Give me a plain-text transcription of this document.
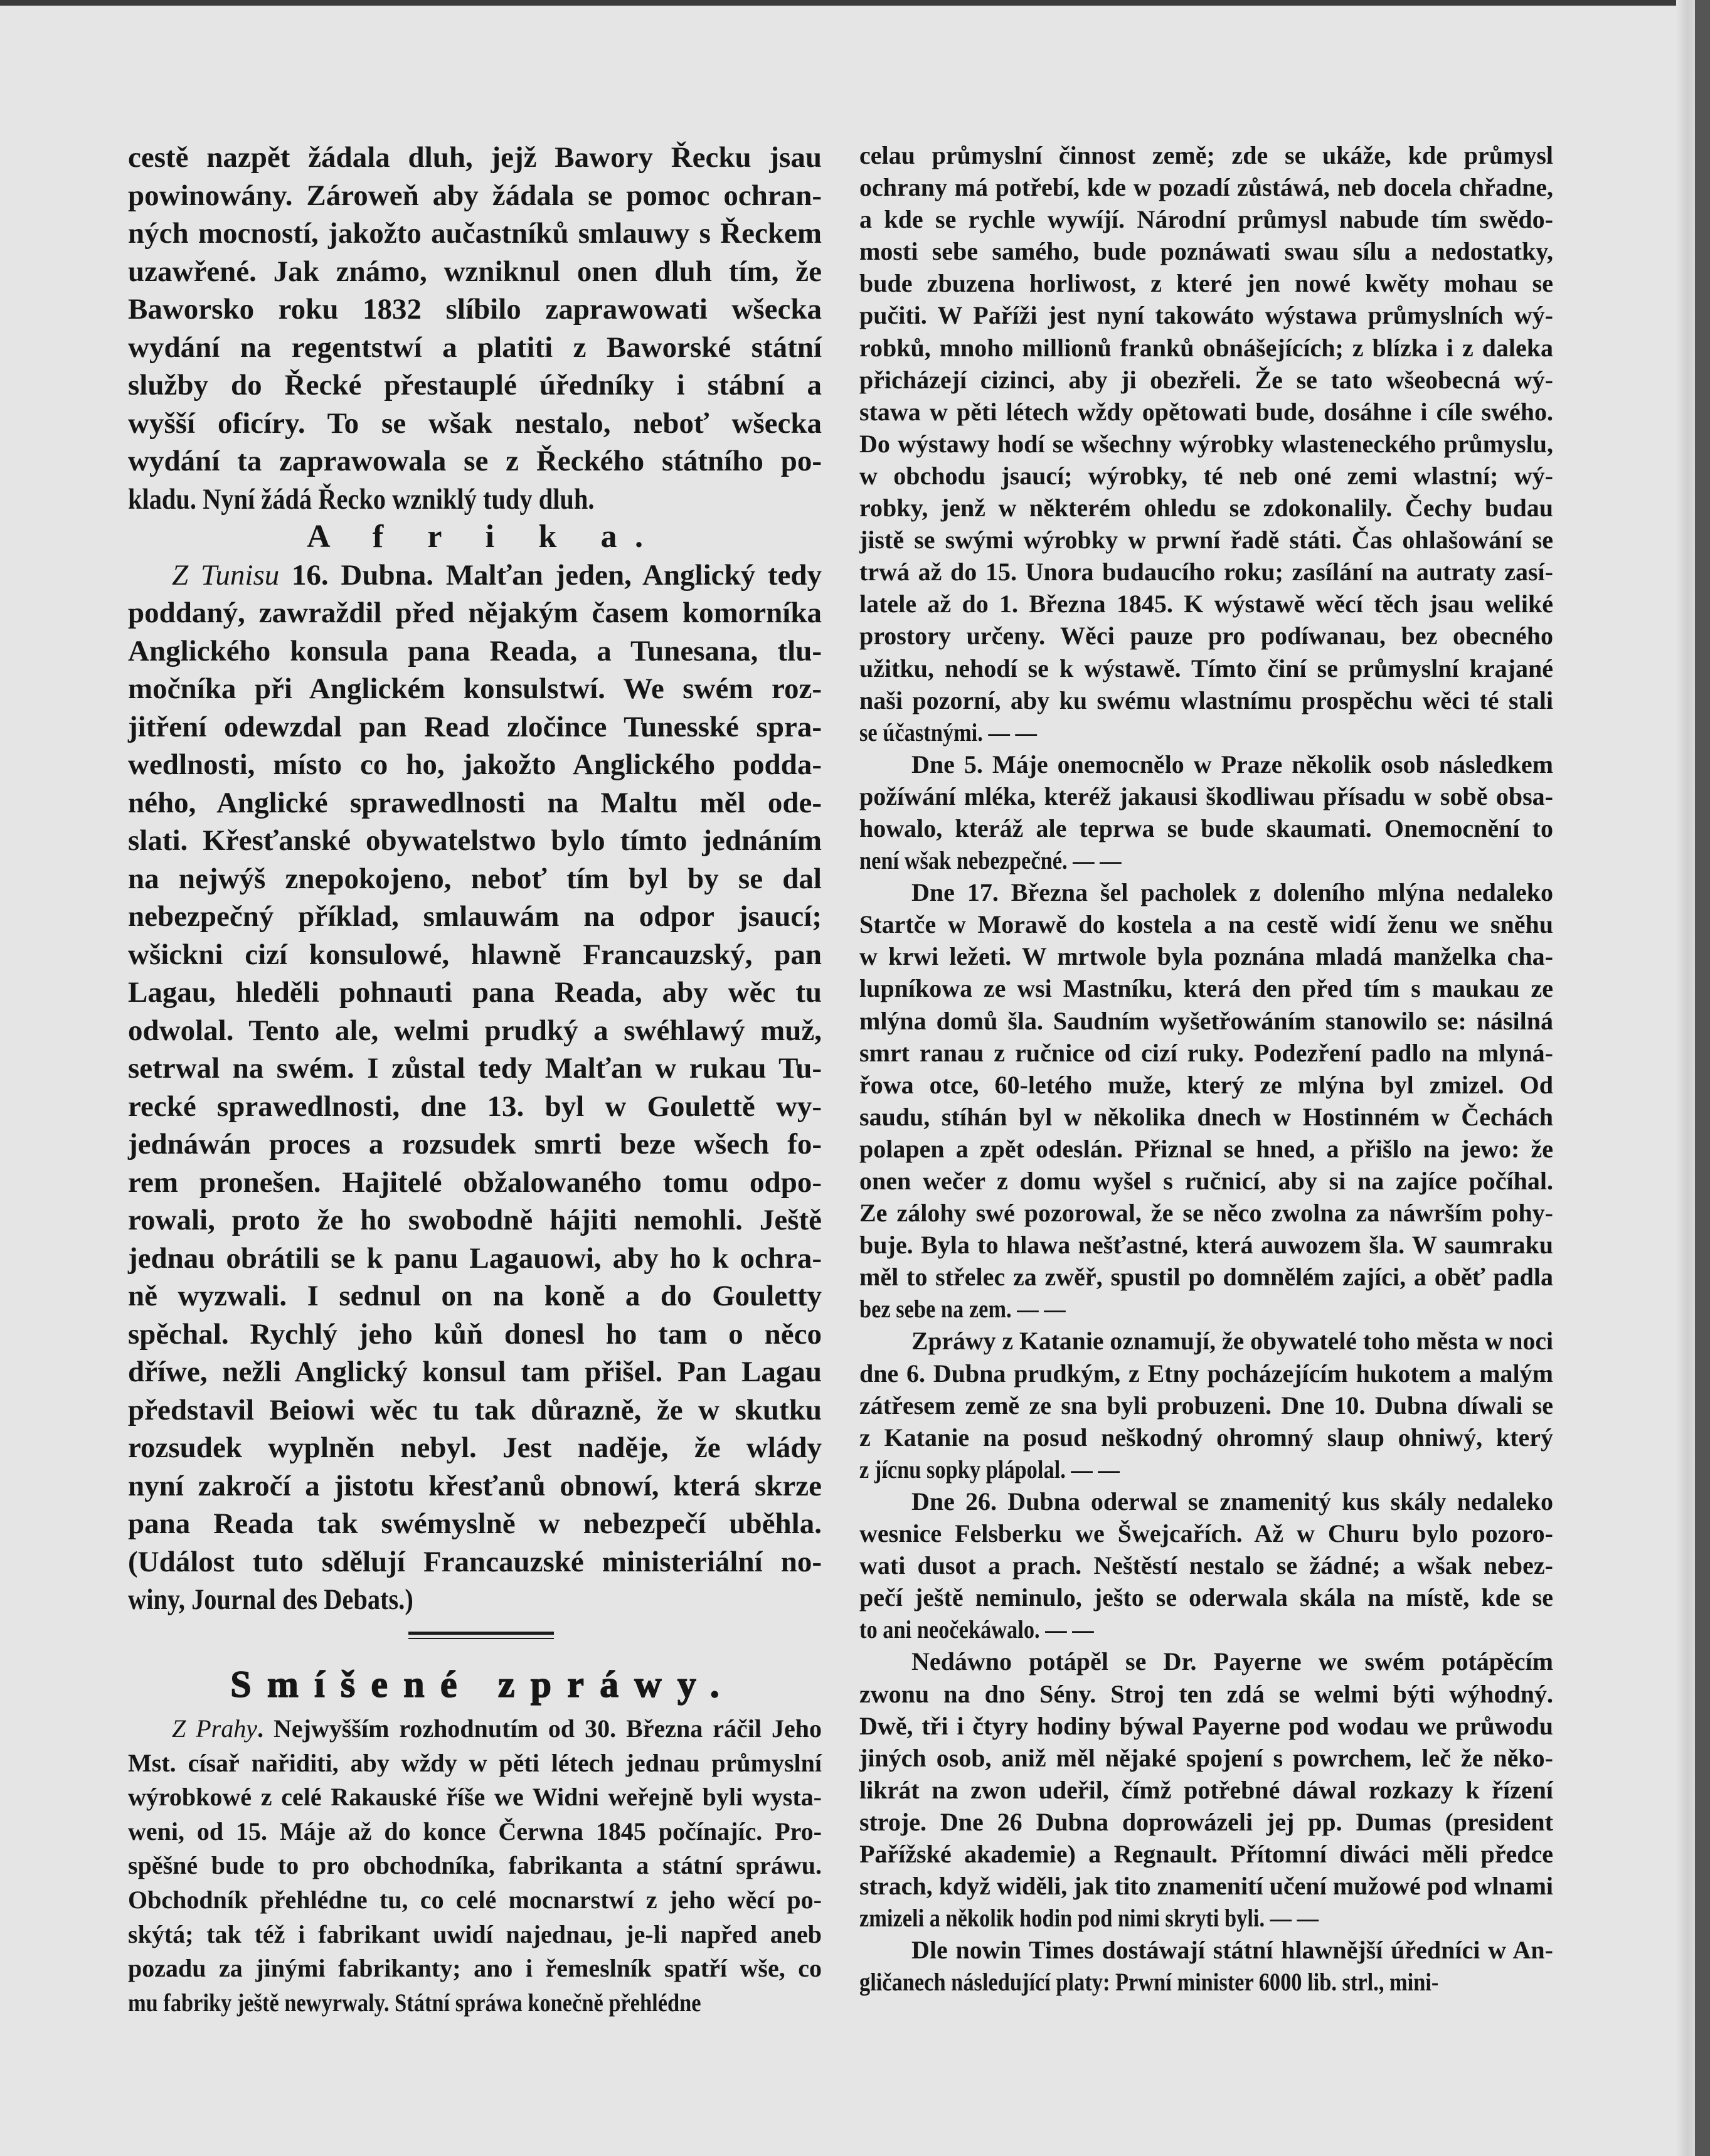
cestě nazpět žádala dluh, jejž Bawory Řecku jsau
powinowány. Zároweň aby žádala se pomoc ochran-
ných mocností, jakožto aučastníků smlauwy s Řeckem
uzawřené. Jak známo, wzniknul onen dluh tím, že
Baworsko roku 1832 slíbilo zaprawowati wšecka
wydání na regentstwí a platiti z Baworské státní
služby do Řecké přestauplé úředníky i stábní a
wyšší oficíry. To se wšak nestalo, neboť wšecka
wydání ta zaprawowala se z Řeckého státního po-
kladu. Nyní žádá Řecko wzniklý tudy dluh.
A f r i k a.
Z Tunisu 16. Dubna. Malťan jeden, Anglický tedy
poddaný, zawraždil před nějakým časem komorníka
Anglického konsula pana Reada, a Tunesana, tlu-
močníka při Anglickém konsulstwí. We swém roz-
jitření odewzdal pan Read zločince Tunesské spra-
wedlnosti, místo co ho, jakožto Anglického podda-
ného, Anglické sprawedlnosti na Maltu měl ode-
slati. Křesťanské obywatelstwo bylo tímto jednáním
na nejwýš znepokojeno, neboť tím byl by se dal
nebezpečný příklad, smlauwám na odpor jsaucí;
wšickni cizí konsulowé, hlawně Francauzský, pan
Lagau, hleděli pohnauti pana Reada, aby wěc tu
odwolal. Tento ale, welmi prudký a swéhlawý muž,
setrwal na swém. I zůstal tedy Malťan w rukau Tu-
recké sprawedlnosti, dne 13. byl w Goulettě wy-
jednáwán proces a rozsudek smrti beze wšech fo-
rem pronešen. Hajitelé obžalowaného tomu odpo-
rowali, proto že ho swobodně hájiti nemohli. Ještě
jednau obrátili se k panu Lagauowi, aby ho k ochra-
ně wyzwali. I sednul on na koně a do Gouletty
spěchal. Rychlý jeho kůň donesl ho tam o něco
dříwe, nežli Anglický konsul tam přišel. Pan Lagau
představil Beiowi wěc tu tak důrazně, že w skutku
rozsudek wyplněn nebyl. Jest naděje, že wlády
nyní zakročí a jistotu křesťanů obnowí, která skrze
pana Reada tak swémyslně w nebezpečí uběhla.
(Událost tuto sdělují Francauzské ministeriální no-
winy, Journal des Debats.)
Smíšené zpráwy.
Z Prahy. Nejwyšším rozhodnutím od 30. Března ráčil Jeho
Mst. císař nařiditi, aby wždy w pěti létech jednau průmyslní
wýrobkowé z celé Rakauské říše we Widni weřejně byli wysta-
weni, od 15. Máje až do konce Čerwna 1845 počínajíc. Pro-
spěšné bude to pro obchodníka, fabrikanta a státní spráwu.
Obchodník přehlédne tu, co celé mocnarstwí z jeho wěcí po-
skýtá; tak též i fabrikant uwidí najednau, je-li napřed aneb
pozadu za jinými fabrikanty; ano i řemeslník spatří wše, co
mu fabriky ještě newyrwaly. Státní spráwa konečně přehlédne
celau průmyslní činnost země; zde se ukáže, kde průmysl
ochrany má potřebí, kde w pozadí zůstáwá, neb docela chřadne,
a kde se rychle wywíjí. Národní průmysl nabude tím swědo-
mosti sebe samého, bude poznáwati swau sílu a nedostatky,
bude zbuzena horliwost, z které jen nowé kwěty mohau se
pučiti. W Paříži jest nyní takowáto wýstawa průmyslních wý-
robků, mnoho millionů franků obnášejících; z blízka i z daleka
přicházejí cizinci, aby ji obezřeli. Že se tato wšeobecná wý-
stawa w pěti létech wždy opětowati bude, dosáhne i cíle swého.
Do wýstawy hodí se wšechny wýrobky wlasteneckého průmyslu,
w obchodu jsaucí; wýrobky, té neb oné zemi wlastní; wý-
robky, jenž w některém ohledu se zdokonalily. Čechy budau
jistě se swými wýrobky w prwní řadě státi. Čas ohlašowání se
trwá až do 15. Unora budaucího roku; zasílání na autraty zasí-
latele až do 1. Března 1845. K wýstawě wěcí těch jsau weliké
prostory určeny. Wěci pauze pro podíwanau, bez obecného
užitku, nehodí se k wýstawě. Tímto činí se průmyslní krajané
naši pozorní, aby ku swému wlastnímu prospěchu wěci té stali
se účastnými. — —
Dne 5. Máje onemocnělo w Praze několik osob následkem
požíwání mléka, kteréž jakausi škodliwau přísadu w sobě obsa-
howalo, kteráž ale teprwa se bude skaumati. Onemocnění to
není wšak nebezpečné. — —
Dne 17. Března šel pacholek z doleního mlýna nedaleko
Startče w Morawě do kostela a na cestě widí ženu we sněhu
w krwi ležeti. W mrtwole byla poznána mladá manželka cha-
lupníkowa ze wsi Mastníku, která den před tím s maukau ze
mlýna domů šla. Saudním wyšetřowáním stanowilo se: násilná
smrt ranau z ručnice od cizí ruky. Podezření padlo na mlyná-
řowa otce, 60-letého muže, který ze mlýna byl zmizel. Od
saudu, stíhán byl w několika dnech w Hostinném w Čechách
polapen a zpět odeslán. Přiznal se hned, a přišlo na jewo: že
onen wečer z domu wyšel s ručnicí, aby si na zajíce počíhal.
Ze zálohy swé pozorowal, že se něco zwolna za náwrším pohy-
buje. Byla to hlawa nešťastné, která auwozem šla. W saumraku
měl to střelec za zwěř, spustil po domnělém zajíci, a oběť padla
bez sebe na zem. — —
Zpráwy z Katanie oznamují, že obywatelé toho města w noci
dne 6. Dubna prudkým, z Etny pocházejícím hukotem a malým
zátřesem země ze sna byli probuzeni. Dne 10. Dubna díwali se
z Katanie na posud neškodný ohromný slaup ohniwý, který
z jícnu sopky plápolal. — —
Dne 26. Dubna oderwal se znamenitý kus skály nedaleko
wesnice Felsberku we Šwejcařích. Až w Churu bylo pozoro-
wati dusot a prach. Neštěstí nestalo se žádné; a wšak nebez-
pečí ještě neminulo, ješto se oderwala skála na místě, kde se
to ani neočekáwalo. — —
Nedáwno potápěl se Dr. Payerne we swém potápěcím
zwonu na dno Sény. Stroj ten zdá se welmi býti wýhodný.
Dwě, tři i čtyry hodiny býwal Payerne pod wodau we průwodu
jiných osob, aniž měl nějaké spojení s powrchem, leč že něko-
likrát na zwon udeřil, čímž potřebné dáwal rozkazy k řízení
stroje. Dne 26 Dubna doprowázeli jej pp. Dumas (president
Pařížské akademie) a Regnault. Přítomní diwáci měli předce
strach, když widěli, jak tito znamenití učení mužowé pod wlnami
zmizeli a několik hodin pod nimi skryti byli. — —
Dle nowin Times dostáwají státní hlawnější úředníci w An-
gličanech následující platy: Prwní minister 6000 lib. strl., mini-
